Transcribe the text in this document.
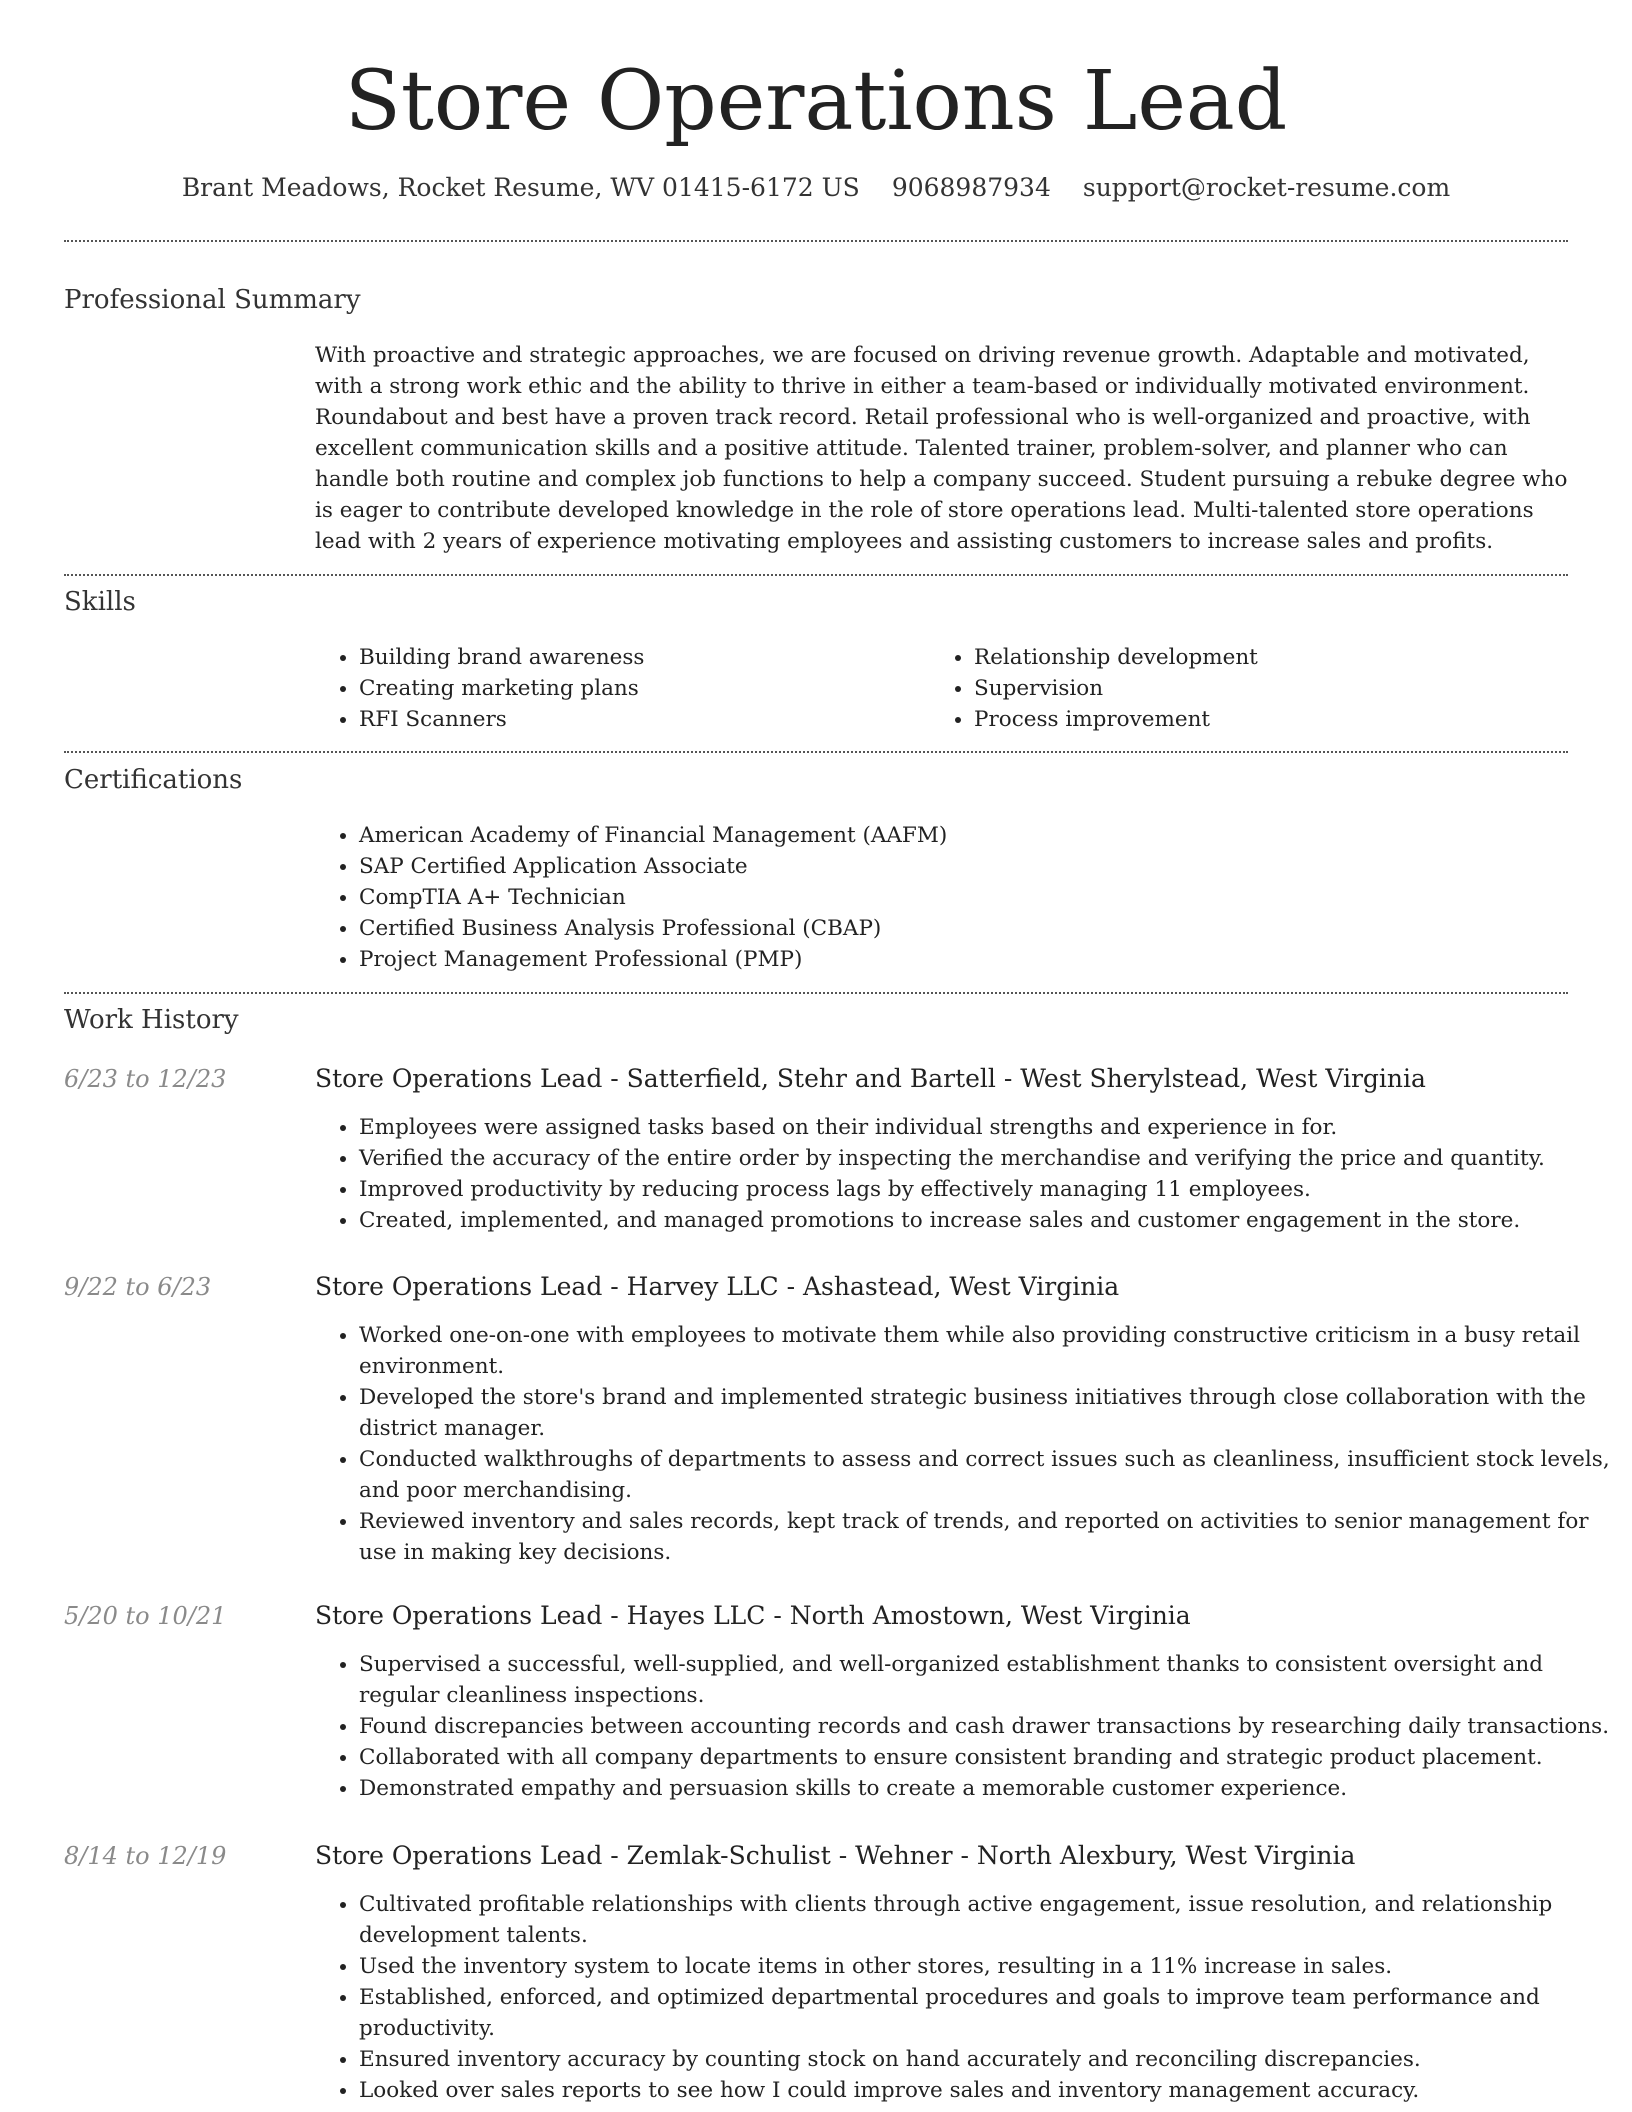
Store Operations Lead
Brant Meadows, Rocket Resume, WV 01415-6172 US 9068987934 support@rocket-resume.com
Professional Summary

With proactive and strategic approaches, we are focused on driving revenue growth. Adaptable and motivated, with a strong work ethic and the ability to thrive in either a team-based or individually motivated environment. Roundabout and best have a proven track record. Retail professional who is well-organized and proactive, with excellent communication skills and a positive attitude. Talented trainer, problem-solver, and planner who can handle both routine and complex job functions to help a company succeed. Student pursuing a rebuke degree who is eager to contribute developed knowledge in the role of store operations lead. Multi-talented store operations lead with 2 years of experience motivating employees and assisting customers to increase sales and profits.

Skills
• Building brand awareness
• Creating marketing plans
• RFI Scanners
• Relationship development
• Supervision
• Process improvement
Certifications
• American Academy of Financial Management (AAFM)
• SAP Certified Application Associate
• CompTIA A+ Technician
• Certified Business Analysis Professional (CBAP)
• Project Management Professional (PMP)
Work History
6/23 to 12/23	Store Operations Lead - Satterfield, Stehr and Bartell - West Sherylstead, West Virginia
• Employees were assigned tasks based on their individual strengths and experience in for.
• Verified the accuracy of the entire order by inspecting the merchandise and verifying the price and quantity.
• Improved productivity by reducing process lags by effectively managing 11 employees.
• Created, implemented, and managed promotions to increase sales and customer engagement in the store.
9/22 to 6/23	Store Operations Lead - Harvey LLC - Ashastead, West Virginia
• Worked one-on-one with employees to motivate them while also providing constructive criticism in a busy retail environment.
• Developed the store's brand and implemented strategic business initiatives through close collaboration with the district manager.
• Conducted walkthroughs of departments to assess and correct issues such as cleanliness, insufficient stock levels, and poor merchandising.
• Reviewed inventory and sales records, kept track of trends, and reported on activities to senior management for use in making key decisions.
5/20 to 10/21	Store Operations Lead - Hayes LLC - North Amostown, West Virginia
• Supervised a successful, well-supplied, and well-organized establishment thanks to consistent oversight and regular cleanliness inspections.
• Found discrepancies between accounting records and cash drawer transactions by researching daily transactions.
• Collaborated with all company departments to ensure consistent branding and strategic product placement.
• Demonstrated empathy and persuasion skills to create a memorable customer experience.
8/14 to 12/19	Store Operations Lead - Zemlak-Schulist - Wehner - North Alexbury, West Virginia
• Cultivated profitable relationships with clients through active engagement, issue resolution, and relationship development talents.
• Used the inventory system to locate items in other stores, resulting in a 11% increase in sales.
• Established, enforced, and optimized departmental procedures and goals to improve team performance and productivity.
• Ensured inventory accuracy by counting stock on hand accurately and reconciling discrepancies.
• Looked over sales reports to see how I could improve sales and inventory management accuracy.
